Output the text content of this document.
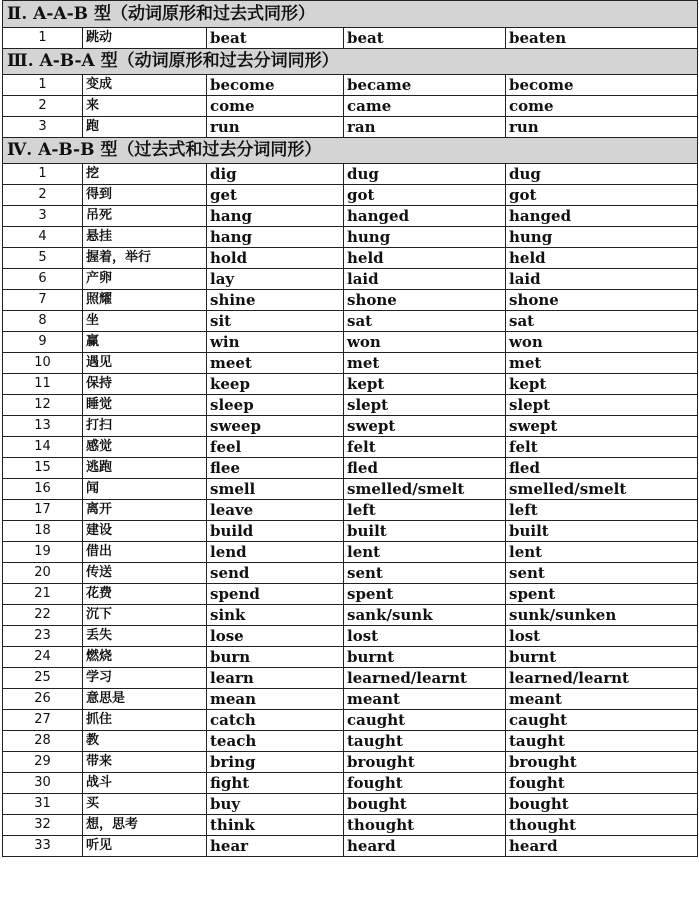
Ⅱ. A-A-B 型（动词原形和过去式同形）				
1	跳动	beat	beat	beaten
Ⅲ. A-B-A 型（动词原形和过去分词同形）				
1	变成	become	became	become
2	来	come	came	come
3	跑	run	ran	run
Ⅳ. A-B-B 型（过去式和过去分词同形）				
1	挖	dig	dug	dug
2	得到	get	got	got
3	吊死	hang	hanged	hanged
4	悬挂	hang	hung	hung
5	握着，举行	hold	held	held
6	产卵	lay	laid	laid
7	照耀	shine	shone	shone
8	坐	sit	sat	sat
9	赢	win	won	won
10	遇见	meet	met	met
11	保持	keep	kept	kept
12	睡觉	sleep	slept	slept
13	打扫	sweep	swept	swept
14	感觉	feel	felt	felt
15	逃跑	flee	fled	fled
16	闻	smell	smelled/smelt	smelled/smelt
17	离开	leave	left	left
18	建设	build	built	built
19	借出	lend	lent	lent
20	传送	send	sent	sent
21	花费	spend	spent	spent
22	沉下	sink	sank/sunk	sunk/sunken
23	丢失	lose	lost	lost
24	燃烧	burn	burnt	burnt
25	学习	learn	learned/learnt	learned/learnt
26	意思是	mean	meant	meant
27	抓住	catch	caught	caught
28	教	teach	taught	taught
29	带来	bring	brought	brought
30	战斗	fight	fought	fought
31	买	buy	bought	bought
32	想，思考	think	thought	thought
33	听见	hear	heard	heard
